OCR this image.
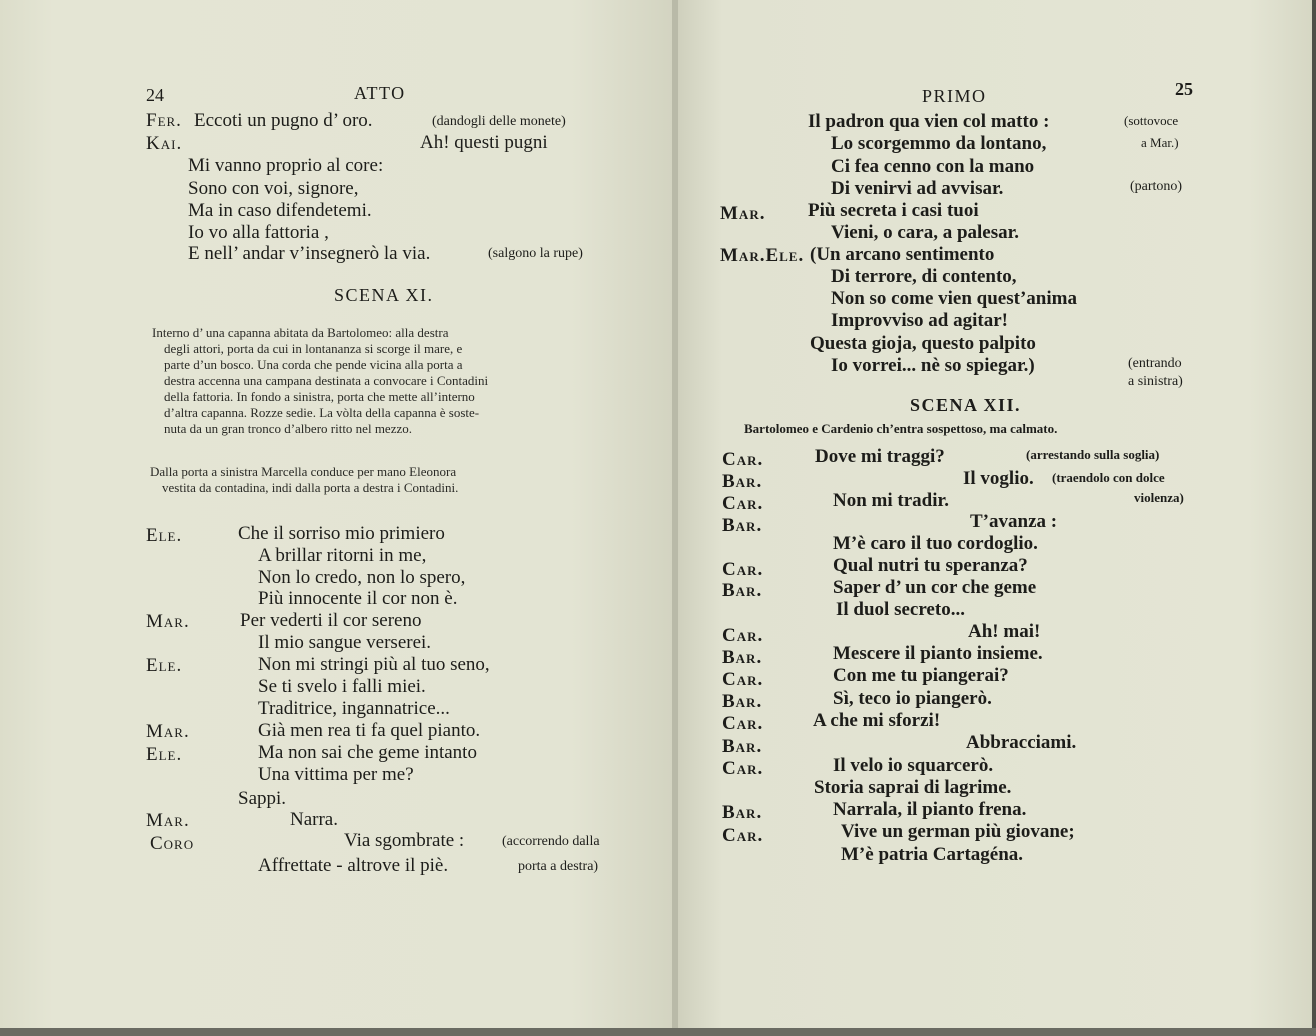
24	ATTO
Fer. Eccoti un pugno d’ oro.	(dandogli delle monete)
Kai.	Ah! questi pugni
Mi vanno proprio al core:
Sono con voi, signore,
Ma in caso difendetemi.
Io vo alla fattoria ,
E nell’ andar v’insegnerò la via.	(salgono la rupe)
SCENA XI.
Interno d’ una capanna abitata da Bartolomeo: alla destra
degli attori, porta da cui in lontananza si scorge il mare, e
parte d’un bosco. Una corda che pende vicina alla porta a
destra accenna una campana destinata a convocare i Contadini
della fattoria. In fondo a sinistra, porta che mette all’interno
d’altra capanna. Rozze sedie. La vòlta della capanna è soste-
nuta da un gran tronco d’albero ritto nel mezzo.
Dalla porta a sinistra Marcella conduce per mano Eleonora
vestita da contadina, indi dalla porta a destra i Contadini.
Ele.	Che il sorriso mio primiero
A brillar ritorni in me,
Non lo credo, non lo spero,
Più innocente il cor non è.
Mar.	Per vederti il cor sereno
Il mio sangue verserei.
Ele.	Non mi stringi più al tuo seno,
Se ti svelo i falli miei.
Traditrice, ingannatrice...
Mar.	Già men rea ti fa quel pianto.
Ele.	Ma non sai che geme intanto
Una vittima per me?
Sappi.
Mar.	Narra.
Coro	Via sgombrate :	(accorrendo dalla
Affrettate - altrove il piè.	porta a destra)
PRIMO	25
Il padron qua vien col matto :	(sottovoce
Lo scorgemmo da lontano,	a Mar.)
Ci fea cenno con la mano
Di venirvi ad avvisar.	(partono)
Mar. Più secreta i casi tuoi
Vieni, o cara, a palesar.
Mar.Ele. (Un arcano sentimento
Di terrore, di contento,
Non so come vien quest’anima
Improvviso ad agitar!
Questa gioja, questo palpito
Io vorrei... nè so spiegar.)	(entrando
a sinistra)
SCENA XII.
Bartolomeo e Cardenio ch’entra sospettoso, ma calmato.
Car.	Dove mi traggi?	(arrestando sulla soglia)
Bar.	Il voglio. (traendolo con dolce
Car.	Non mi tradir.	violenza)
Bar.	T’avanza :
M’è caro il tuo cordoglio.
Car.	Qual nutri tu speranza?
Bar.	Saper d’ un cor che geme
Il duol secreto...
Car.	Ah! mai!
Bar.	Mescere il pianto insieme.
Car.	Con me tu piangerai?
Bar.	Sì, teco io piangerò.
Car.	A che mi sforzi!
Bar.	Abbracciami.
Car.	Il velo io squarcerò.
Storia saprai di lagrime.
Bar.	Narrala, il pianto frena.
Car.	Vive un german più giovane;
M’è patria Cartagéna.
